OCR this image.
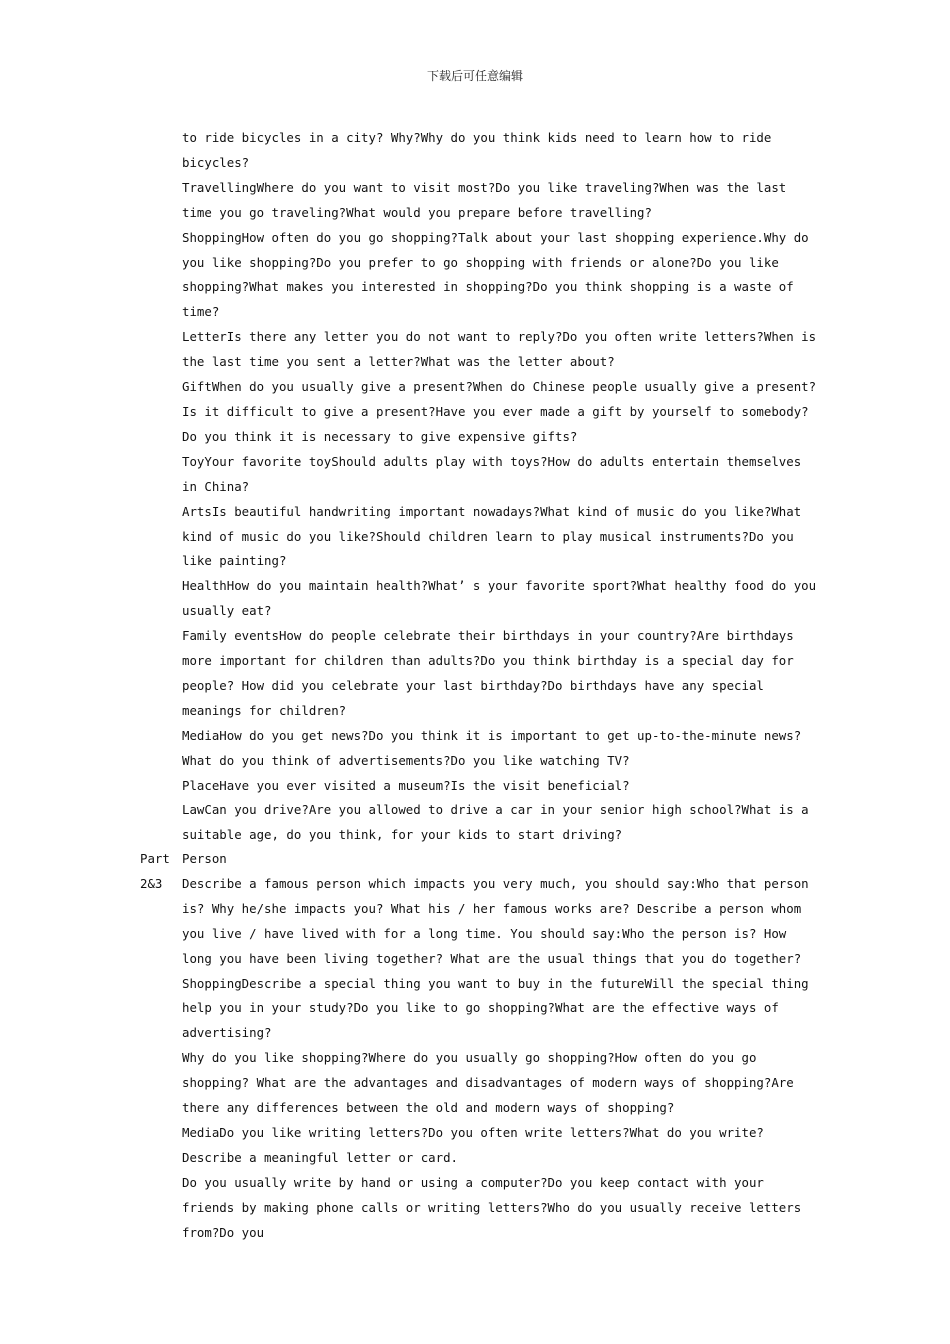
下载后可任意编辑

to ride bicycles in a city? Why?Why do you think kids need to learn how to ride bicycles?

TravellingWhere do you want to visit most?Do you like traveling?When was the last time you go traveling?What would you prepare before travelling?

ShoppingHow often do you go shopping?Talk about your last shopping experience.Why do you like shopping?Do you prefer to go shopping with friends or alone?Do you like shopping?What makes you interested in shopping?Do you think shopping is a waste of time?

LetterIs there any letter you do not want to reply?Do you often write letters?When is the last time you sent a letter?What was the letter about?

GiftWhen do you usually give a present?When do Chinese people usually give a present?Is it difficult to give a present?Have you ever made a gift by yourself to somebody?Do you think it is necessary to give expensive gifts?

ToyYour favorite toyShould adults play with toys?How do adults entertain themselves in China?

ArtsIs beautiful handwriting important nowadays?What kind of music do you like?What kind of music do you like?Should children learn to play musical instruments?Do you like painting?

HealthHow do you maintain health?What’ s your favorite sport?What healthy food do you usually eat?

Family eventsHow do people celebrate their birthdays in your country?Are birthdays more important for children than adults?Do you think birthday is a special day for people? How did you celebrate your last birthday?Do birthdays have any special meanings for children?

MediaHow do you get news?Do you think it is important to get up-to-the-minute news?What do you think of advertisements?Do you like watching TV?

PlaceHave you ever visited a museum?Is the visit beneficial?

LawCan you drive?Are you allowed to drive a car in your senior high school?What is a suitable age, do you think, for your kids to start driving?

Part
2&3

Person

Describe a famous person which impacts you very much, you should say:Who that person is? Why he/she impacts you? What his / her famous works are? Describe a person whom you live / have lived with for a long time. You should say:Who the person is? How long you have been living together? What are the usual things that you do together?

ShoppingDescribe a special thing you want to buy in the futureWill the special thing help you in your study?Do you like to go shopping?What are the effective ways of advertising?

Why do you like shopping?Where do you usually go shopping?How often do you go shopping? What are the advantages and disadvantages of modern ways of shopping?Are there any differences between the old and modern ways of shopping?

MediaDo you like writing letters?Do you often write letters?What do you write?Describe a meaningful letter or card.

Do you usually write by hand or using a computer?Do you keep contact with your friends by making phone calls or writing letters?Who do you usually receive letters from?Do you
